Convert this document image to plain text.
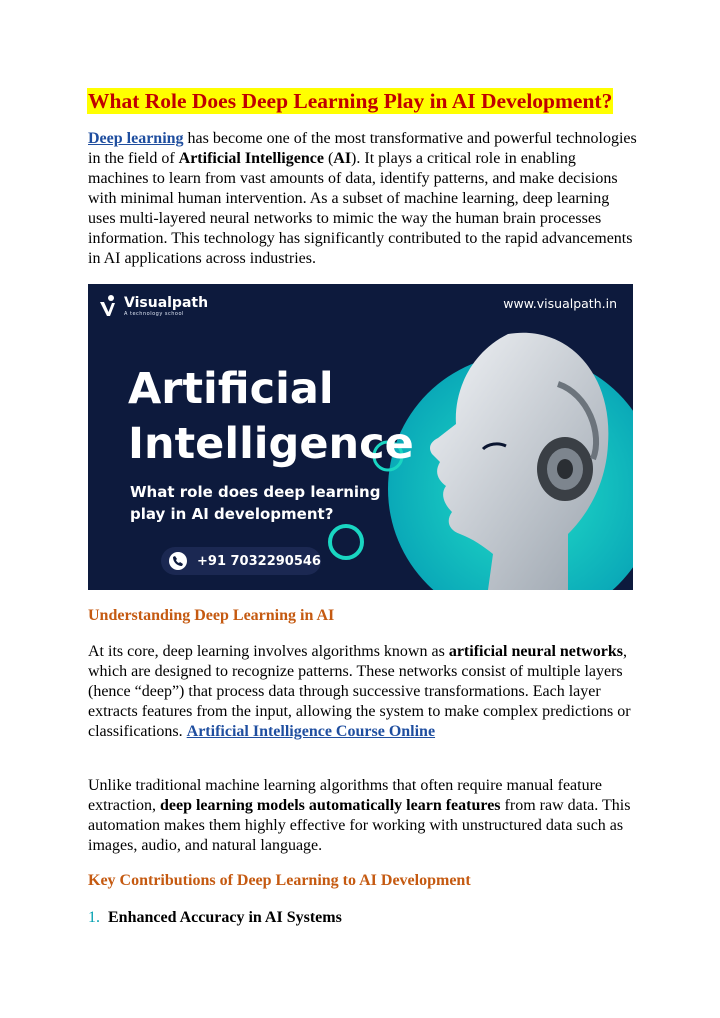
What Role Does Deep Learning Play in AI Development?

Deep learning has become one of the most transformative and powerful technologies in the field of Artificial Intelligence (AI). It plays a critical role in enabling machines to learn from vast amounts of data, identify patterns, and make decisions with minimal human intervention. As a subset of machine learning, deep learning uses multi-layered neural networks to mimic the way the human brain processes information. This technology has significantly contributed to the rapid advancements in AI applications across industries.

Visualpath
A technology school
www.visualpath.in
Artificial
Intelligence
What role does deep learning
play in AI development?
+91 7032290546
Understanding Deep Learning in AI

At its core, deep learning involves algorithms known as artificial neural networks, which are designed to recognize patterns. These networks consist of multiple layers (hence “deep”) that process data through successive transformations. Each layer extracts features from the input, allowing the system to make complex predictions or classifications. Artificial Intelligence Course Online

Unlike traditional machine learning algorithms that often require manual feature extraction, deep learning models automatically learn features from raw data. This automation makes them highly effective for working with unstructured data such as images, audio, and natural language.

Key Contributions of Deep Learning to AI Development
1. Enhanced Accuracy in AI Systems
